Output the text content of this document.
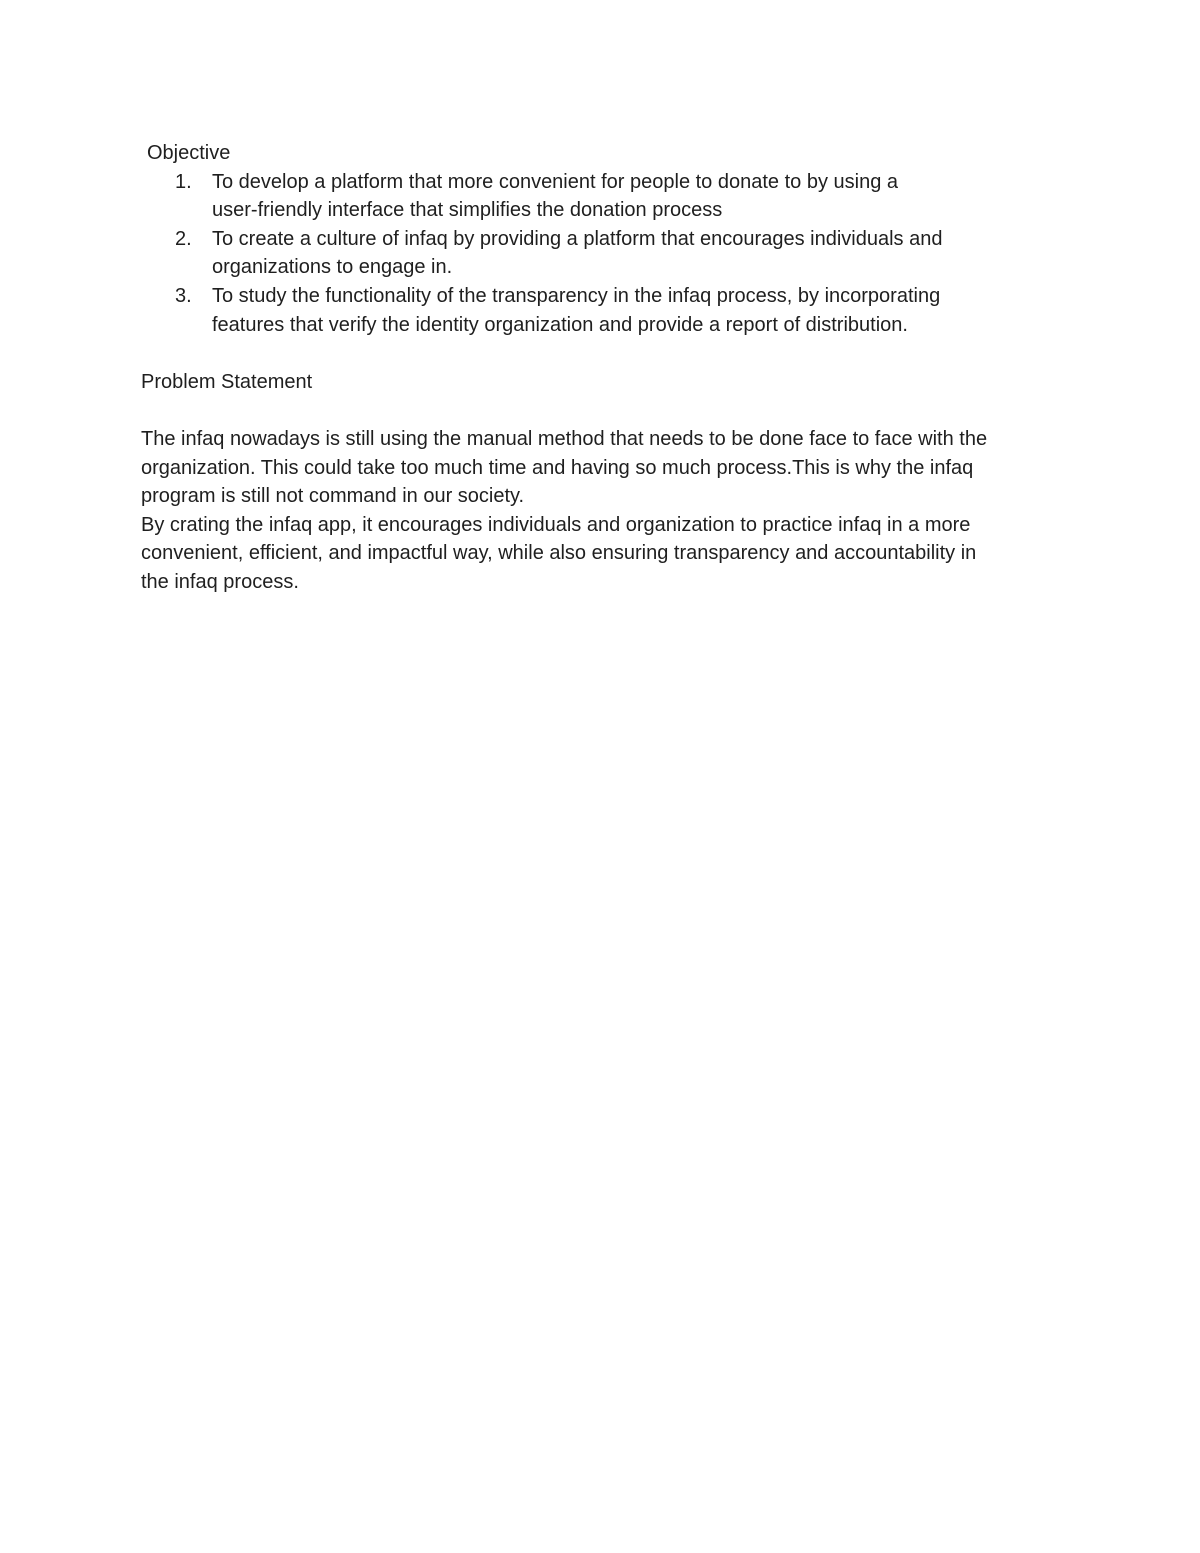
Objective
1. To develop a platform that more convenient for people to donate to by using a
user-friendly interface that simplifies the donation process
2. To create a culture of infaq by providing a platform that encourages individuals and
organizations to engage in.
3. To study the functionality of the transparency in the infaq process, by incorporating
features that verify the identity organization and provide a report of distribution.
Problem Statement
The infaq nowadays is still using the manual method that needs to be done face to face with the
organization. This could take too much time and having so much process.This is why the infaq
program is still not command in our society.
By crating the infaq app, it encourages individuals and organization to practice infaq in a more
convenient, efficient, and impactful way, while also ensuring transparency and accountability in
the infaq process.
